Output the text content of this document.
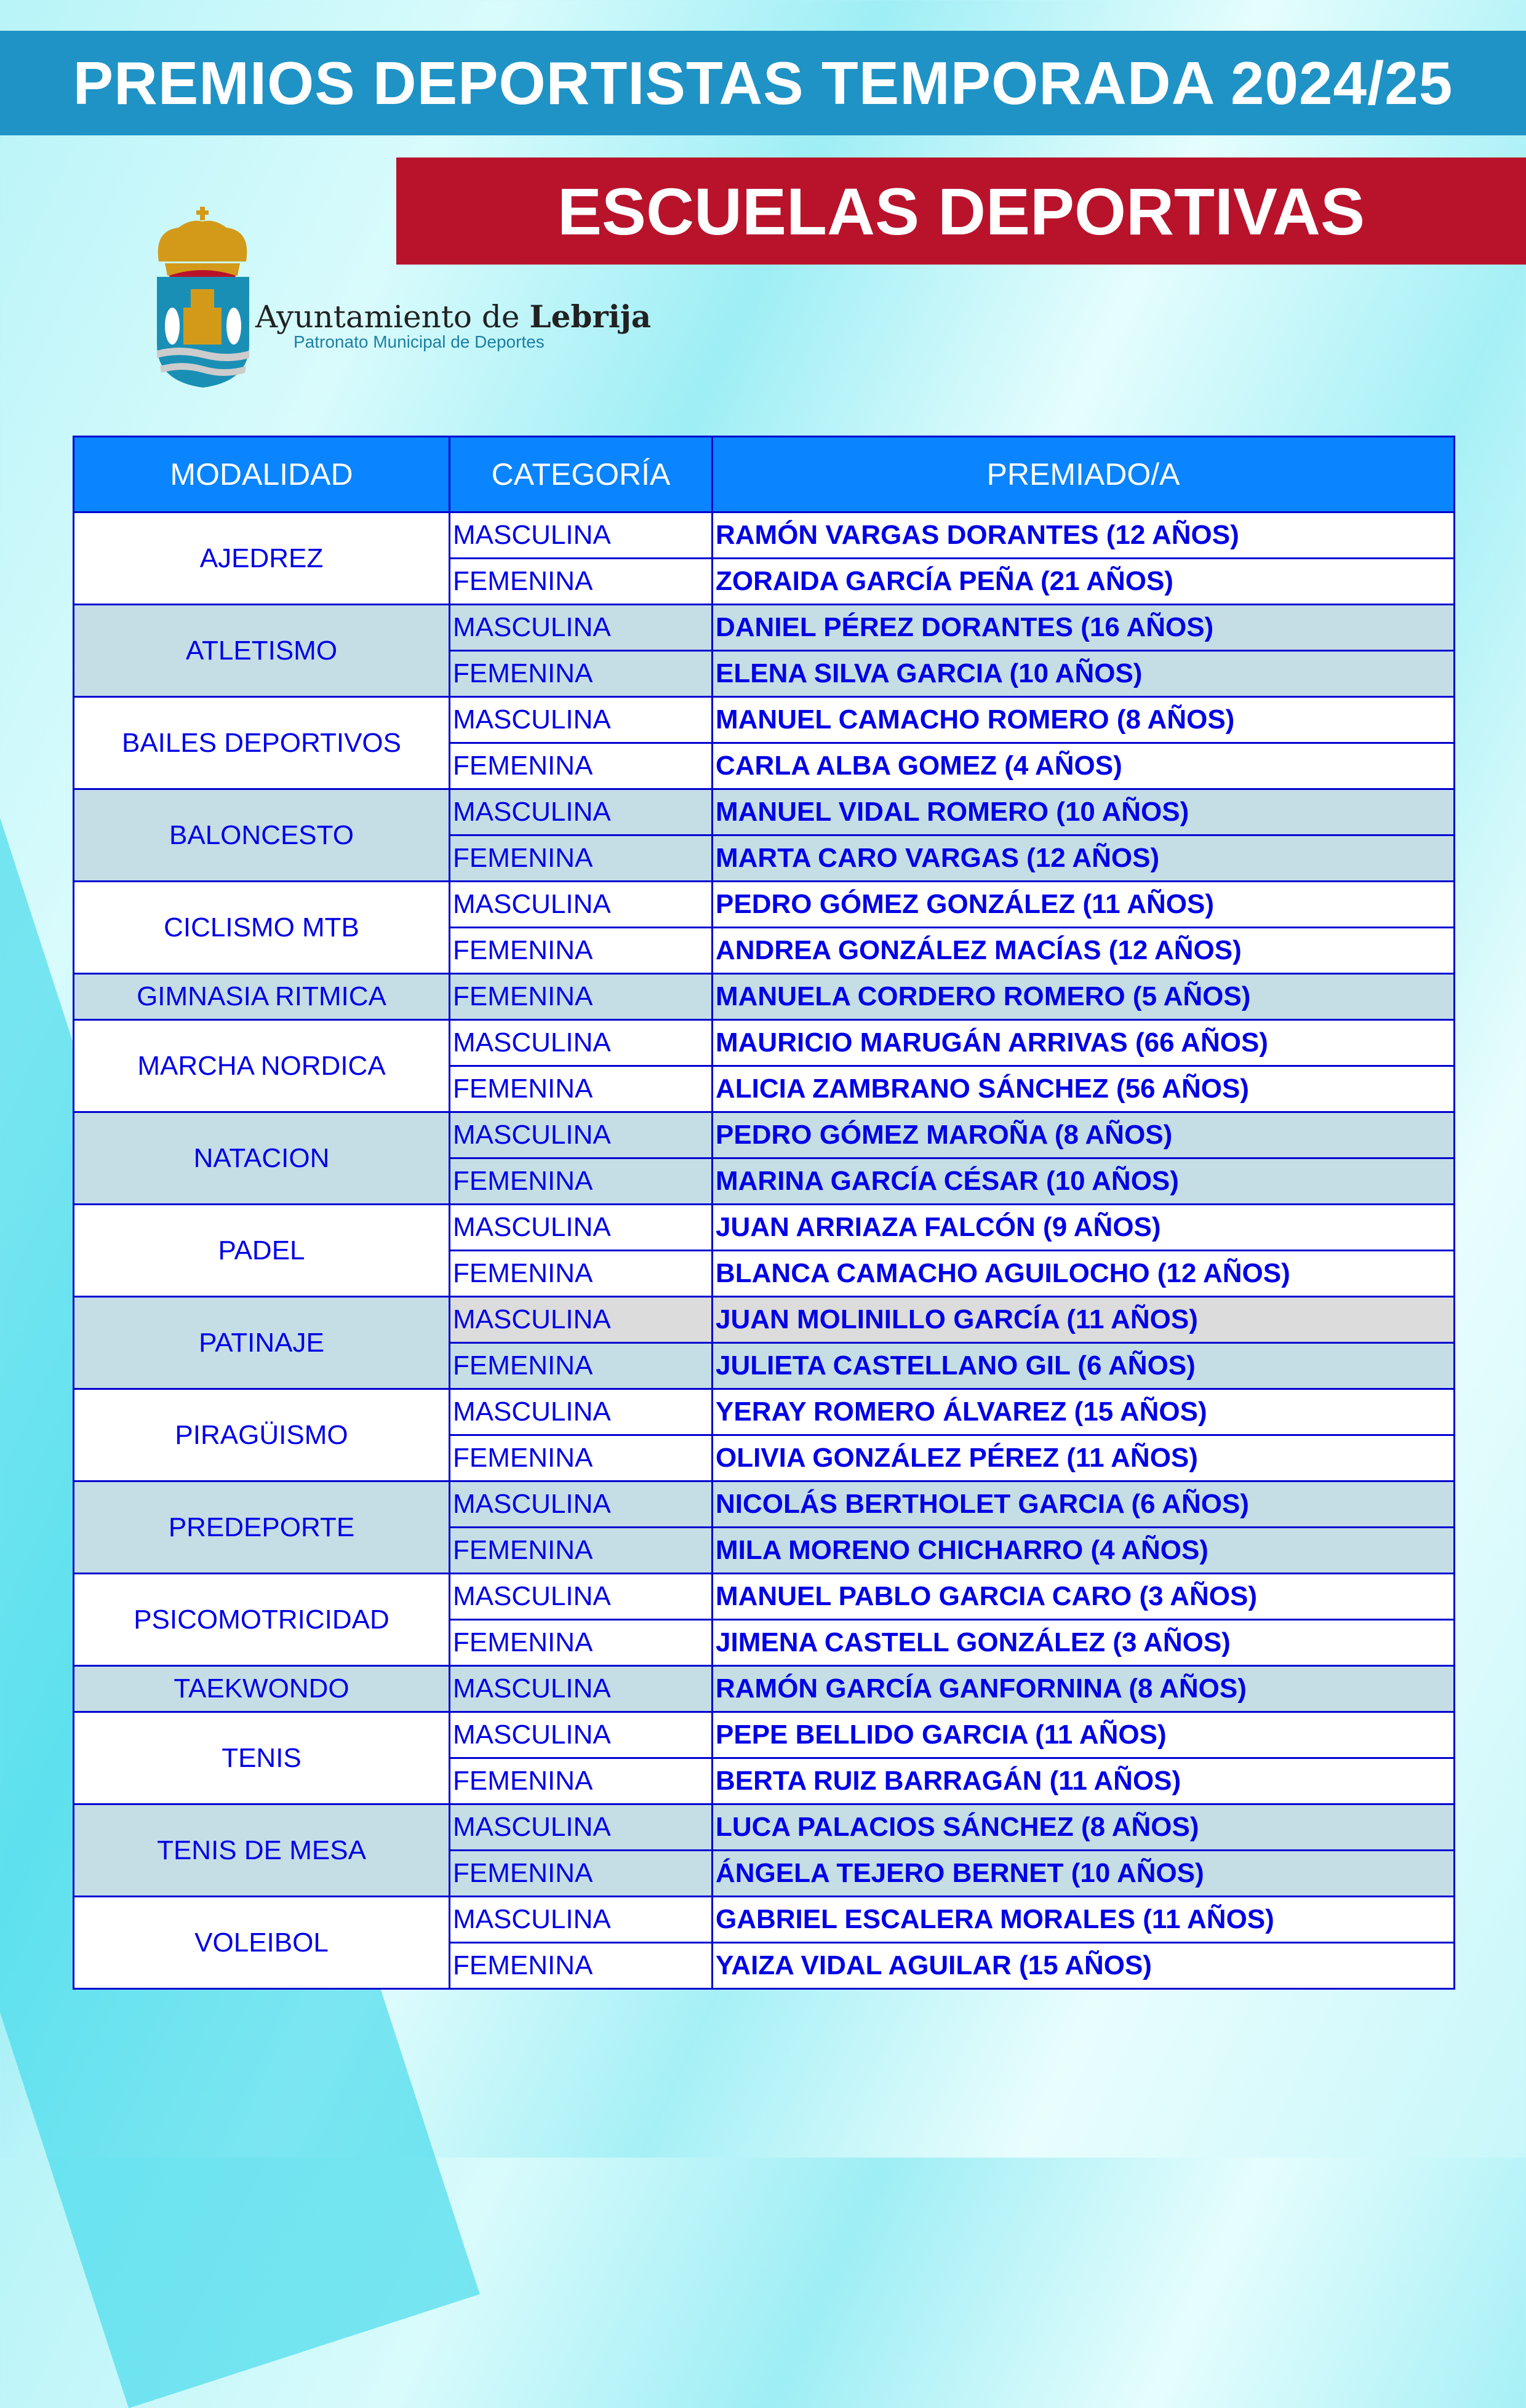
PREMIOS DEPORTISTAS TEMPORADA 2024/25
ESCUELAS DEPORTIVAS
Ayuntamiento de Lebrija
Patronato Municipal de Deportes
MODALIDAD	CATEGORÍA	PREMIADO/A
AJEDREZ	MASCULINA	RAMÓN VARGAS DORANTES (12 AÑOS)
	FEMENINA	ZORAIDA GARCÍA PEÑA (21 AÑOS)
ATLETISMO	MASCULINA	DANIEL PÉREZ DORANTES (16 AÑOS)
	FEMENINA	ELENA SILVA GARCIA (10 AÑOS)
BAILES DEPORTIVOS	MASCULINA	MANUEL CAMACHO ROMERO (8 AÑOS)
	FEMENINA	CARLA ALBA GOMEZ (4 AÑOS)
BALONCESTO	MASCULINA	MANUEL VIDAL ROMERO (10 AÑOS)
	FEMENINA	MARTA CARO VARGAS (12 AÑOS)
CICLISMO MTB	MASCULINA	PEDRO GÓMEZ GONZÁLEZ (11 AÑOS)
	FEMENINA	ANDREA GONZÁLEZ MACÍAS (12 AÑOS)
GIMNASIA RITMICA	FEMENINA	MANUELA CORDERO ROMERO (5 AÑOS)
MARCHA NORDICA	MASCULINA	MAURICIO MARUGÁN ARRIVAS (66 AÑOS)
	FEMENINA	ALICIA ZAMBRANO SÁNCHEZ (56 AÑOS)
NATACION	MASCULINA	PEDRO GÓMEZ MAROÑA (8 AÑOS)
	FEMENINA	MARINA GARCÍA CÉSAR (10 AÑOS)
PADEL	MASCULINA	JUAN ARRIAZA FALCÓN (9 AÑOS)
	FEMENINA	BLANCA CAMACHO AGUILOCHO (12 AÑOS)
PATINAJE	MASCULINA	JUAN MOLINILLO GARCÍA (11 AÑOS)
	FEMENINA	JULIETA CASTELLANO GIL (6 AÑOS)
PIRAGÜISMO	MASCULINA	YERAY ROMERO ÁLVAREZ (15 AÑOS)
	FEMENINA	OLIVIA GONZÁLEZ PÉREZ (11 AÑOS)
PREDEPORTE	MASCULINA	NICOLÁS BERTHOLET GARCIA (6 AÑOS)
	FEMENINA	MILA MORENO CHICHARRO (4 AÑOS)
PSICOMOTRICIDAD	MASCULINA	MANUEL PABLO GARCIA CARO (3 AÑOS)
	FEMENINA	JIMENA CASTELL GONZÁLEZ (3 AÑOS)
TAEKWONDO	MASCULINA	RAMÓN GARCÍA GANFORNINA (8 AÑOS)
TENIS	MASCULINA	PEPE BELLIDO GARCIA (11 AÑOS)
	FEMENINA	BERTA RUIZ BARRAGÁN (11 AÑOS)
TENIS DE MESA	MASCULINA	LUCA PALACIOS SÁNCHEZ (8 AÑOS)
	FEMENINA	ÁNGELA TEJERO BERNET (10 AÑOS)
VOLEIBOL	MASCULINA	GABRIEL ESCALERA MORALES (11 AÑOS)
	FEMENINA	YAIZA VIDAL AGUILAR (15 AÑOS)
